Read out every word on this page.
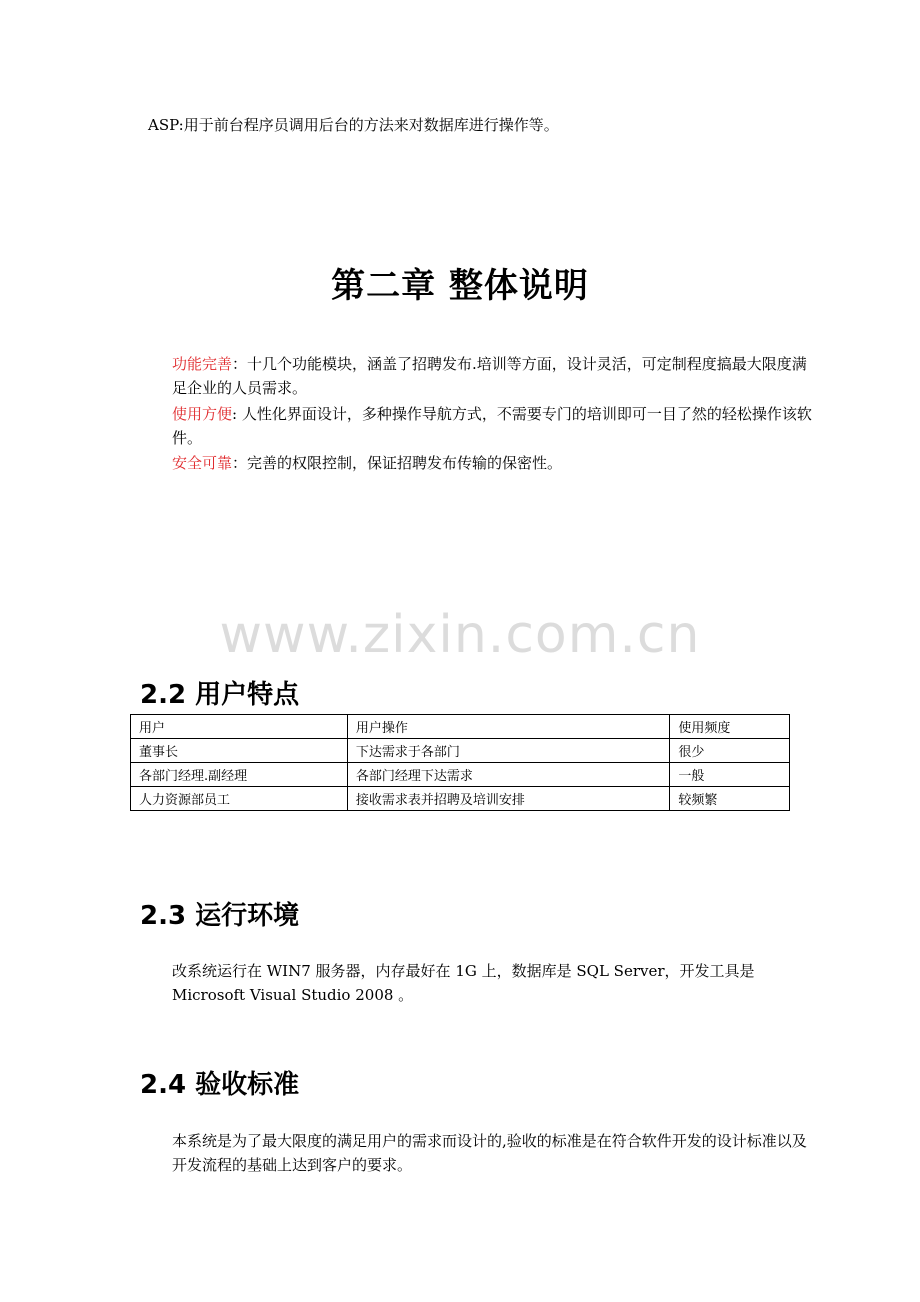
ASP:用于前台程序员调用后台的方法来对数据库进行操作等。
第二章 整体说明
功能完善：十几个功能模块，涵盖了招聘发布.培训等方面，设计灵活，可定制程度搞最大限度满足企业的人员需求。
使用方便: 人性化界面设计，多种操作导航方式，不需要专门的培训即可一目了然的轻松操作该软件。
安全可靠：完善的权限控制，保证招聘发布传输的保密性。
www.zixin.com.cn
2.2 用户特点
用户	用户操作	使用频度
董事长	下达需求于各部门	很少
各部门经理.副经理	各部门经理下达需求	一般
人力资源部员工	接收需求表并招聘及培训安排	较频繁
2.3 运行环境
改系统运行在 WIN7 服务器，内存最好在 1G 上，数据库是 SQL Server，开发工具是 Microsoft Visual Studio 2008 。
2.4 验收标准
本系统是为了最大限度的满足用户的需求而设计的,验收的标准是在符合软件开发的设计标准以及开发流程的基础上达到客户的要求。
